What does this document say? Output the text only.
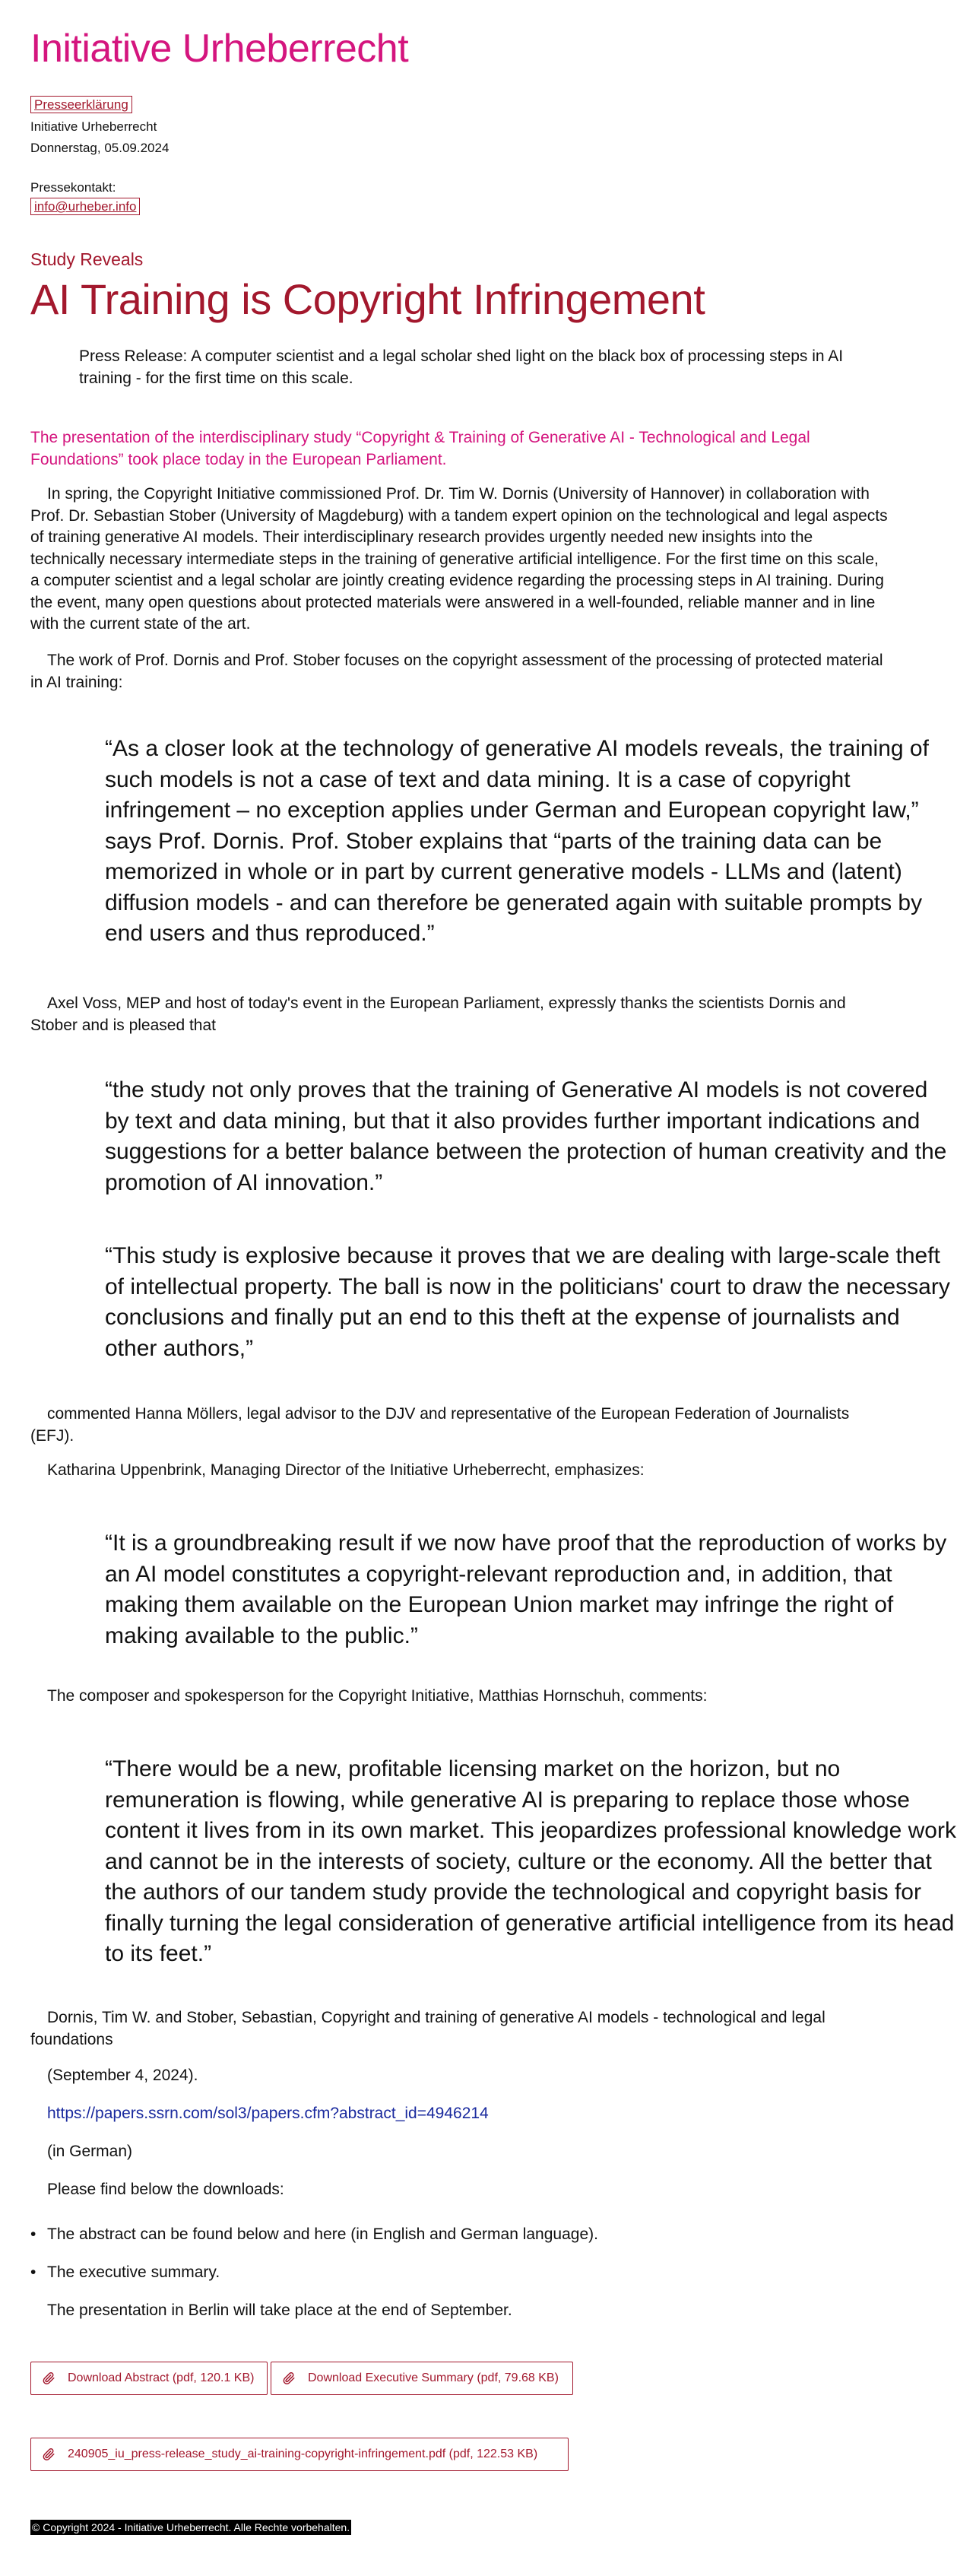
Initiative Urheberrecht
Presseerklärung
Initiative Urheberrecht
Donnerstag, 05.09.2024
Pressekontakt:
info@urheber.info
Study Reveals
AI Training is Copyright Infringement
Press Release: A computer scientist and a legal scholar shed light on the black box of processing steps in AI training - for the first time on this scale.
The presentation of the interdisciplinary study “Copyright & Training of Generative AI - Technological and Legal Foundations” took place today in the European Parliament.
In spring, the Copyright Initiative commissioned Prof. Dr. Tim W. Dornis (University of Hannover) in collaboration with Prof. Dr. Sebastian Stober (University of Magdeburg) with a tandem expert opinion on the technological and legal aspects of training generative AI models. Their interdisciplinary research provides urgently needed new insights into the technically necessary intermediate steps in the training of generative artificial intelligence. For the first time on this scale, a computer scientist and a legal scholar are jointly creating evidence regarding the processing steps in AI training. During the event, many open questions about protected materials were answered in a well-founded, reliable manner and in line with the current state of the art.
The work of Prof. Dornis and Prof. Stober focuses on the copyright assessment of the processing of protected material in AI training:
“As a closer look at the technology of generative AI models reveals, the training of such models is not a case of text and data mining. It is a case of copyright infringement – no exception applies under German and European copyright law,” says Prof. Dornis. Prof. Stober explains that “parts of the training data can be memorized in whole or in part by current generative models - LLMs and (latent) diffusion models - and can therefore be generated again with suitable prompts by end users and thus reproduced.”
Axel Voss, MEP and host of today's event in the European Parliament, expressly thanks the scientists Dornis and Stober and is pleased that
“the study not only proves that the training of Generative AI models is not covered by text and data mining, but that it also provides further important indications and suggestions for a better balance between the protection of human creativity and the promotion of AI innovation.”
“This study is explosive because it proves that we are dealing with large-scale theft of intellectual property. The ball is now in the politicians' court to draw the necessary conclusions and finally put an end to this theft at the expense of journalists and other authors,”
commented Hanna Möllers, legal advisor to the DJV and representative of the European Federation of Journalists (EFJ).
Katharina Uppenbrink, Managing Director of the Initiative Urheberrecht, emphasizes:
“It is a groundbreaking result if we now have proof that the reproduction of works by an AI model constitutes a copyright-relevant reproduction and, in addition, that making them available on the European Union market may infringe the right of making available to the public.”
The composer and spokesperson for the Copyright Initiative, Matthias Hornschuh, comments:
“There would be a new, profitable licensing market on the horizon, but no remuneration is flowing, while generative AI is preparing to replace those whose content it lives from in its own market. This jeopardizes professional knowledge work and cannot be in the interests of society, culture or the economy. All the better that the authors of our tandem study provide the technological and copyright basis for finally turning the legal consideration of generative artificial intelligence from its head to its feet.”
Dornis, Tim W. and Stober, Sebastian, Copyright and training of generative AI models - technological and legal foundations
(September 4, 2024).
https://papers.ssrn.com/sol3/papers.cfm?abstract_id=4946214
(in German)
Please find below the downloads:
• The abstract can be found below and here (in English and German language).
• The executive summary.
The presentation in Berlin will take place at the end of September.
Download Abstract (pdf, 120.1 KB)	Download Executive Summary (pdf, 79.68 KB)
240905_iu_press-release_study_ai-training-copyright-infringement.pdf (pdf, 122.53 KB)
© Copyright 2024 - Initiative Urheberrecht. Alle Rechte vorbehalten.
